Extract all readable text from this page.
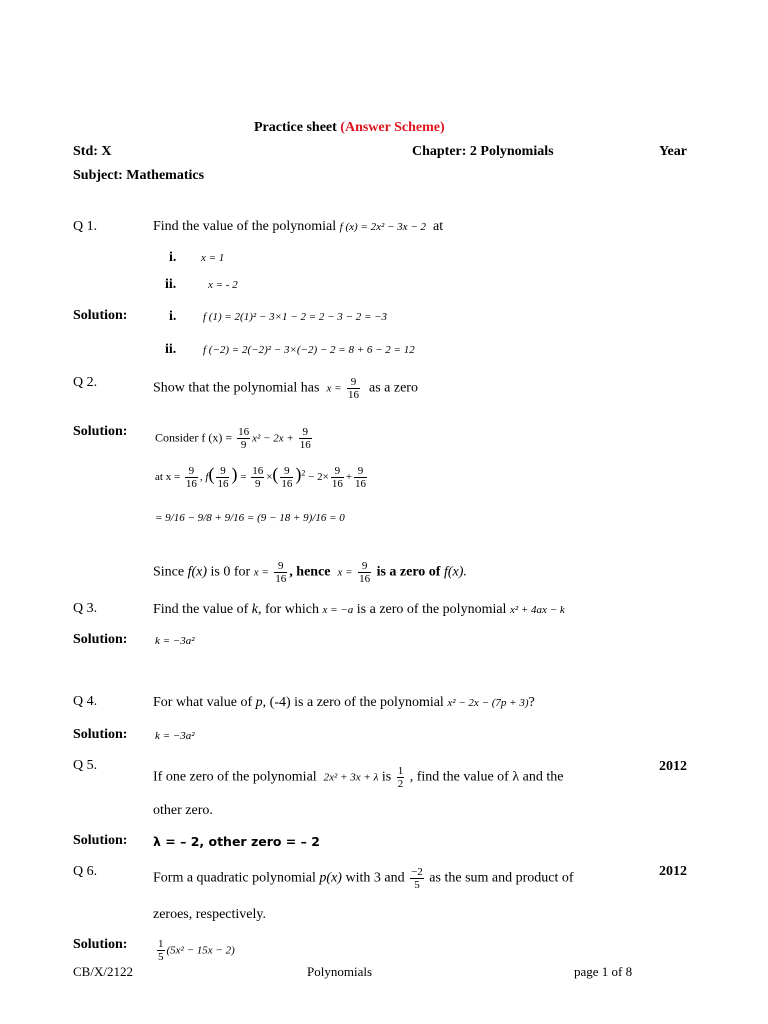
Practice sheet (Answer Scheme)
Std: X	Chapter: 2 Polynomials	Year
Subject: Mathematics
Q 1.	Find the value of the polynomial f (x) = 2x² − 3x − 2 at
i. x = 1
ii.	x = - 2
Solution:	i. f (1) = 2(1)² − 3×1 − 2 = 2 − 3 − 2 = −3
ii. f (−2) = 2(−2)² − 3×(−2) − 2 = 8 + 6 − 2 = 12
Q 2.	Show that the polynomial has $x = \frac{9}{16}$ as a zero
Solution: Consider f $(x) = \frac{16}{9} x^2 - 2x + \frac{9}{16}$
at $x = \frac{9}{16}$ , $f( \frac{9}{16}$ ) = $\frac{16}{9}$ ×( $\frac{9}{16} )^2 - 2\times \frac{9}{16} + \frac{9}{16}$
= 9/16 − 9/8 + 9/16 = (9 − 18 + 9)/16 = 0
Since f(x) is 0 for $x = \frac{9}{16}$ , hence $x = \frac{9}{16}$ is a zero of f(x).
Q 3.	Find the value of k, for which x = −a is a zero of the polynomial x² + 4ax − k
Solution:	k = −3a²
Q 4.	For what value of p, (-4) is a zero of the polynomial x² − 2x − (7p + 3)?
Solution:	k = −3a²
Q 5.	2012
If one zero of the polynomial 2x² + 3x + λ is $\frac{1}{2}$ , find the value of λ and the
other zero.
Solution: λ = – 2, other zero = – 2
Q 6.	2012
Form a quadratic polynomial p(x) with 3 and $\frac{-2}{5}$ as the sum and product of
zeroes, respectively.
Solution:	$\frac{1}{5} (5x^2 - 15x - 2)$
CB/X/2122	Polynomials	page 1 of 8
